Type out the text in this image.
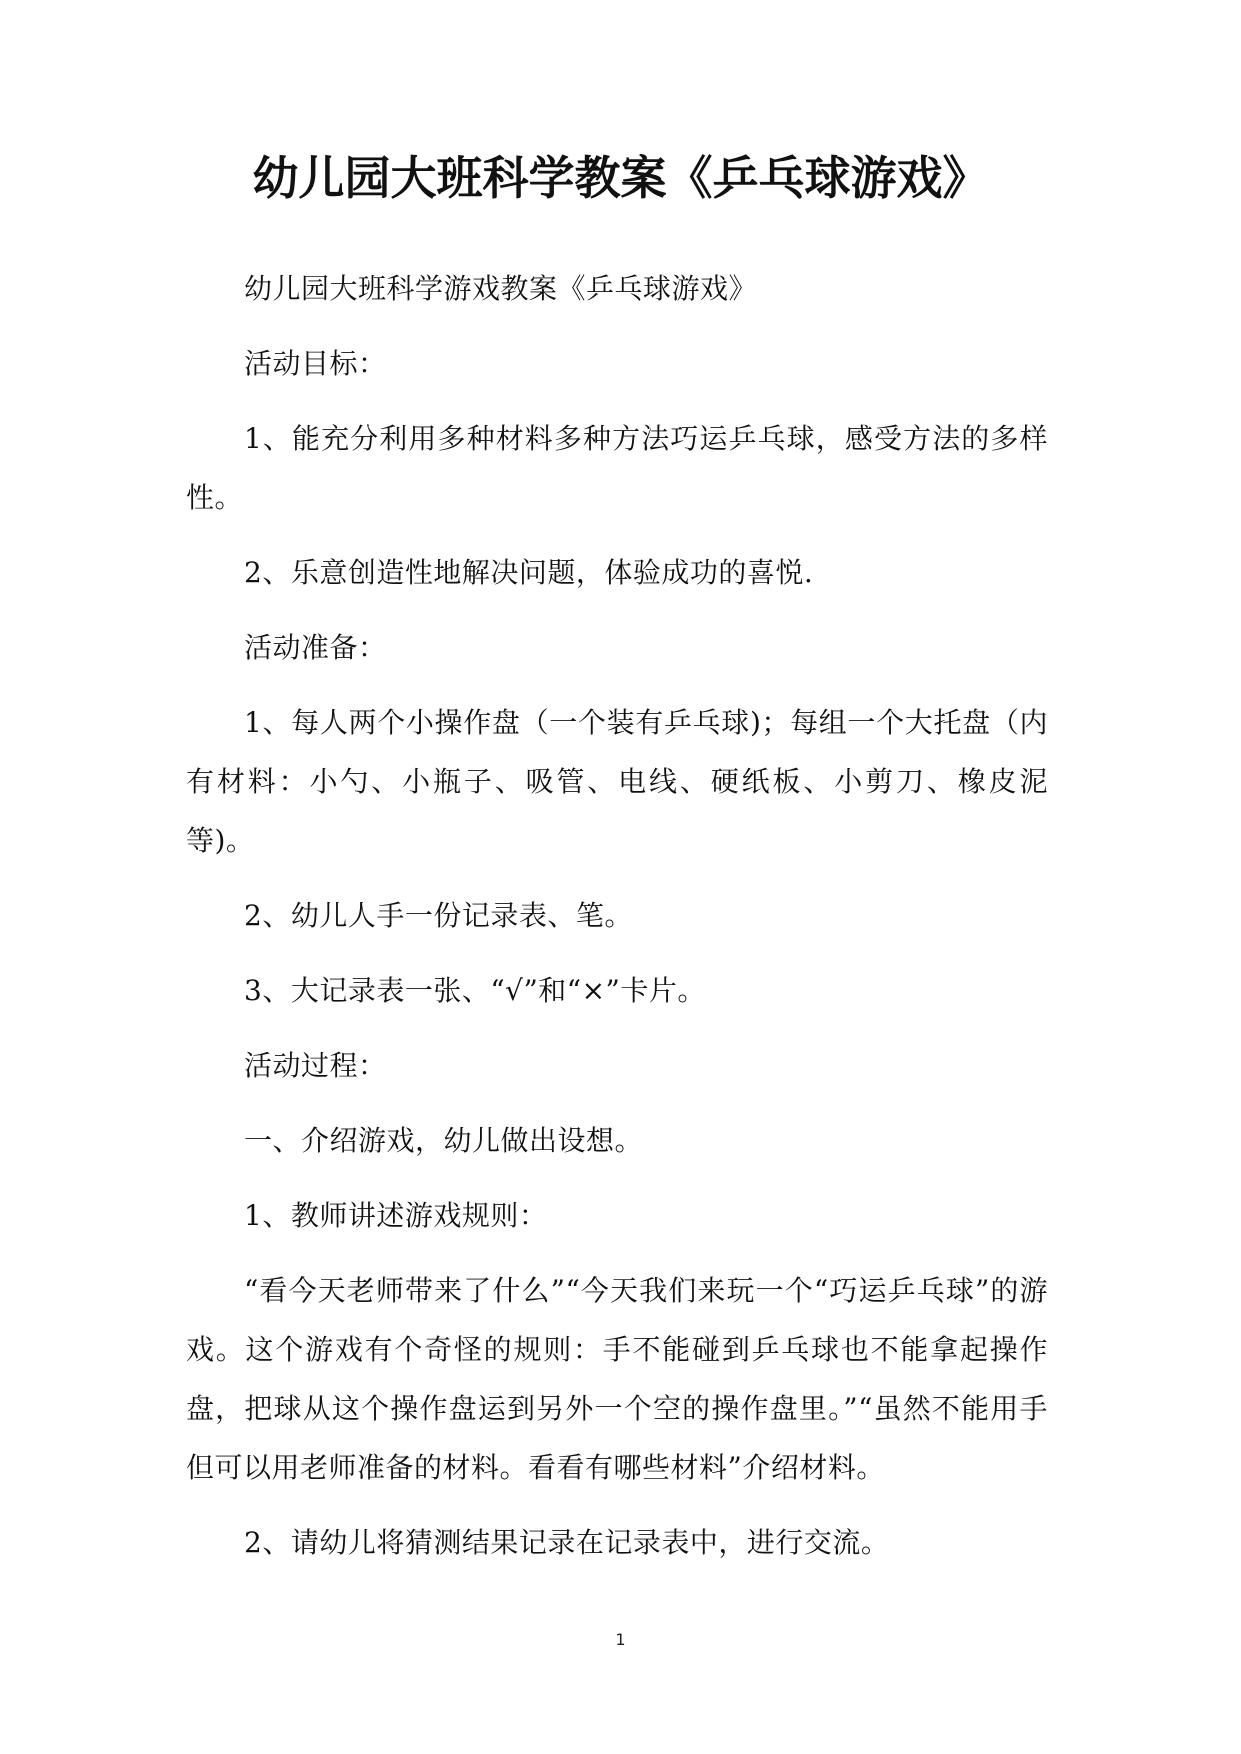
幼儿园大班科学教案《乒乓球游戏》

幼儿园大班科学游戏教案《乒乓球游戏》

活动目标：

1、能充分利用多种材料多种方法巧运乒乓球，感受方法的多样性。

2、乐意创造性地解决问题，体验成功的喜悦.

活动准备：

1、每人两个小操作盘（一个装有乒乓球)；每组一个大托盘（内有材料：小勺、小瓶子、吸管、电线、硬纸板、小剪刀、橡皮泥等)。

2、幼儿人手一份记录表、笔。

3、大记录表一张、“√”和“×”卡片。

活动过程：

一、介绍游戏，幼儿做出设想。

1、教师讲述游戏规则：

“看今天老师带来了什么”“今天我们来玩一个“巧运乒乓球”的游戏。这个游戏有个奇怪的规则：手不能碰到乒乓球也不能拿起操作盘，把球从这个操作盘运到另外一个空的操作盘里。”“虽然不能用手但可以用老师准备的材料。看看有哪些材料”介绍材料。

2、请幼儿将猜测结果记录在记录表中，进行交流。

1
